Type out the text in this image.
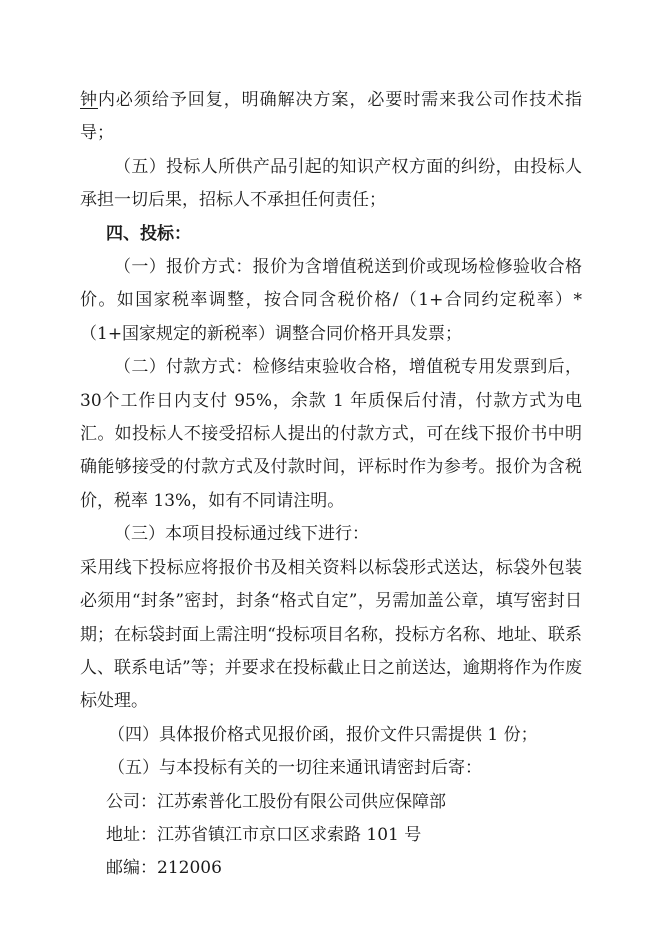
钟内必须给予回复，明确解决方案，必要时需来我公司作技术指导；

（五）投标人所供产品引起的知识产权方面的纠纷，由投标人承担一切后果，招标人不承担任何责任；

四、投标：

（一）报价方式：报价为含增值税送到价或现场检修验收合格价。如国家税率调整，按合同含税价格/（1+合同约定税率）*（1+国家规定的新税率）调整合同价格开具发票；

（二）付款方式：检修结束验收合格，增值税专用发票到后，30个工作日内支付 95%，余款 1 年质保后付清，付款方式为电汇。如投标人不接受招标人提出的付款方式，可在线下报价书中明确能够接受的付款方式及付款时间，评标时作为参考。报价为含税价，税率 13%，如有不同请注明。

（三）本项目投标通过线下进行：

采用线下投标应将报价书及相关资料以标袋形式送达，标袋外包装必须用“封条”密封，封条“格式自定”，另需加盖公章，填写密封日期；在标袋封面上需注明“投标项目名称，投标方名称、地址、联系人、联系电话”等；并要求在投标截止日之前送达，逾期将作为作废标处理。

（四）具体报价格式见报价函，报价文件只需提供 1 份；

（五）与本投标有关的一切往来通讯请密封后寄：

公司：江苏索普化工股份有限公司供应保障部

地址：江苏省镇江市京口区求索路 101 号

邮编：212006
